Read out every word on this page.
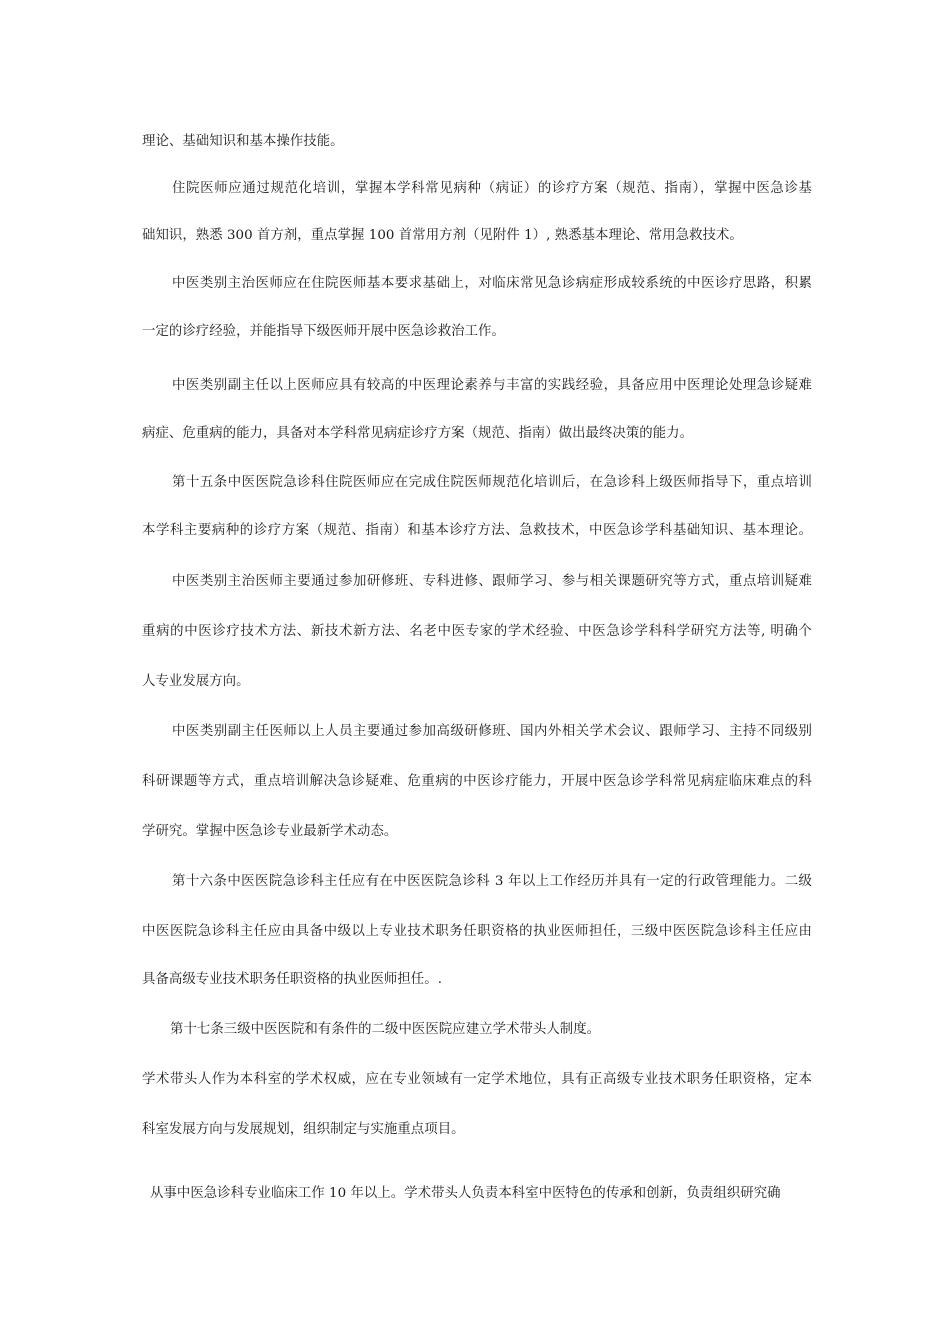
理论、基础知识和基本操作技能。
住院医师应通过规范化培训，掌握本学科常见病种（病证）的诊疗方案（规范、指南），掌握中医急诊基
础知识，熟悉 300 首方剂，重点掌握 100 首常用方剂（见附件 1）, 熟悉基本理论、常用急救技术。
中医类别主治医师应在住院医师基本要求基础上，对临床常见急诊病症形成较系统的中医诊疗思路，积累
一定的诊疗经验，并能指导下级医师开展中医急诊救治工作。
中医类别副主任以上医师应具有较高的中医理论素养与丰富的实践经验，具备应用中医理论处理急诊疑难
病症、危重病的能力，具备对本学科常见病症诊疗方案（规范、指南）做出最终决策的能力。
第十五条中医医院急诊科住院医师应在完成住院医师规范化培训后，在急诊科上级医师指导下，重点培训
本学科主要病种的诊疗方案（规范、指南）和基本诊疗方法、急救技术，中医急诊学科基础知识、基本理论。
中医类别主治医师主要通过参加研修班、专科进修、跟师学习、参与相关课题研究等方式，重点培训疑难
重病的中医诊疗技术方法、新技术新方法、名老中医专家的学术经验、中医急诊学科科学研究方法等, 明确个
人专业发展方向。
中医类别副主任医师以上人员主要通过参加高级研修班、国内外相关学术会议、跟师学习、主持不同级别
科研课题等方式，重点培训解决急诊疑难、危重病的中医诊疗能力，开展中医急诊学科常见病症临床难点的科
学研究。掌握中医急诊专业最新学术动态。
第十六条中医医院急诊科主任应有在中医医院急诊科 3 年以上工作经历并具有一定的行政管理能力。二级
中医医院急诊科主任应由具备中级以上专业技术职务任职资格的执业医师担任，三级中医医院急诊科主任应由
具备高级专业技术职务任职资格的执业医师担任。.
第十七条三级中医医院和有条件的二级中医医院应建立学术带头人制度。
学术带头人作为本科室的学术权威，应在专业领域有一定学术地位，具有正高级专业技术职务任职资格，定本
科室发展方向与发展规划，组织制定与实施重点项目。
从事中医急诊科专业临床工作 10 年以上。学术带头人负责本科室中医特色的传承和创新，负责组织研究确
